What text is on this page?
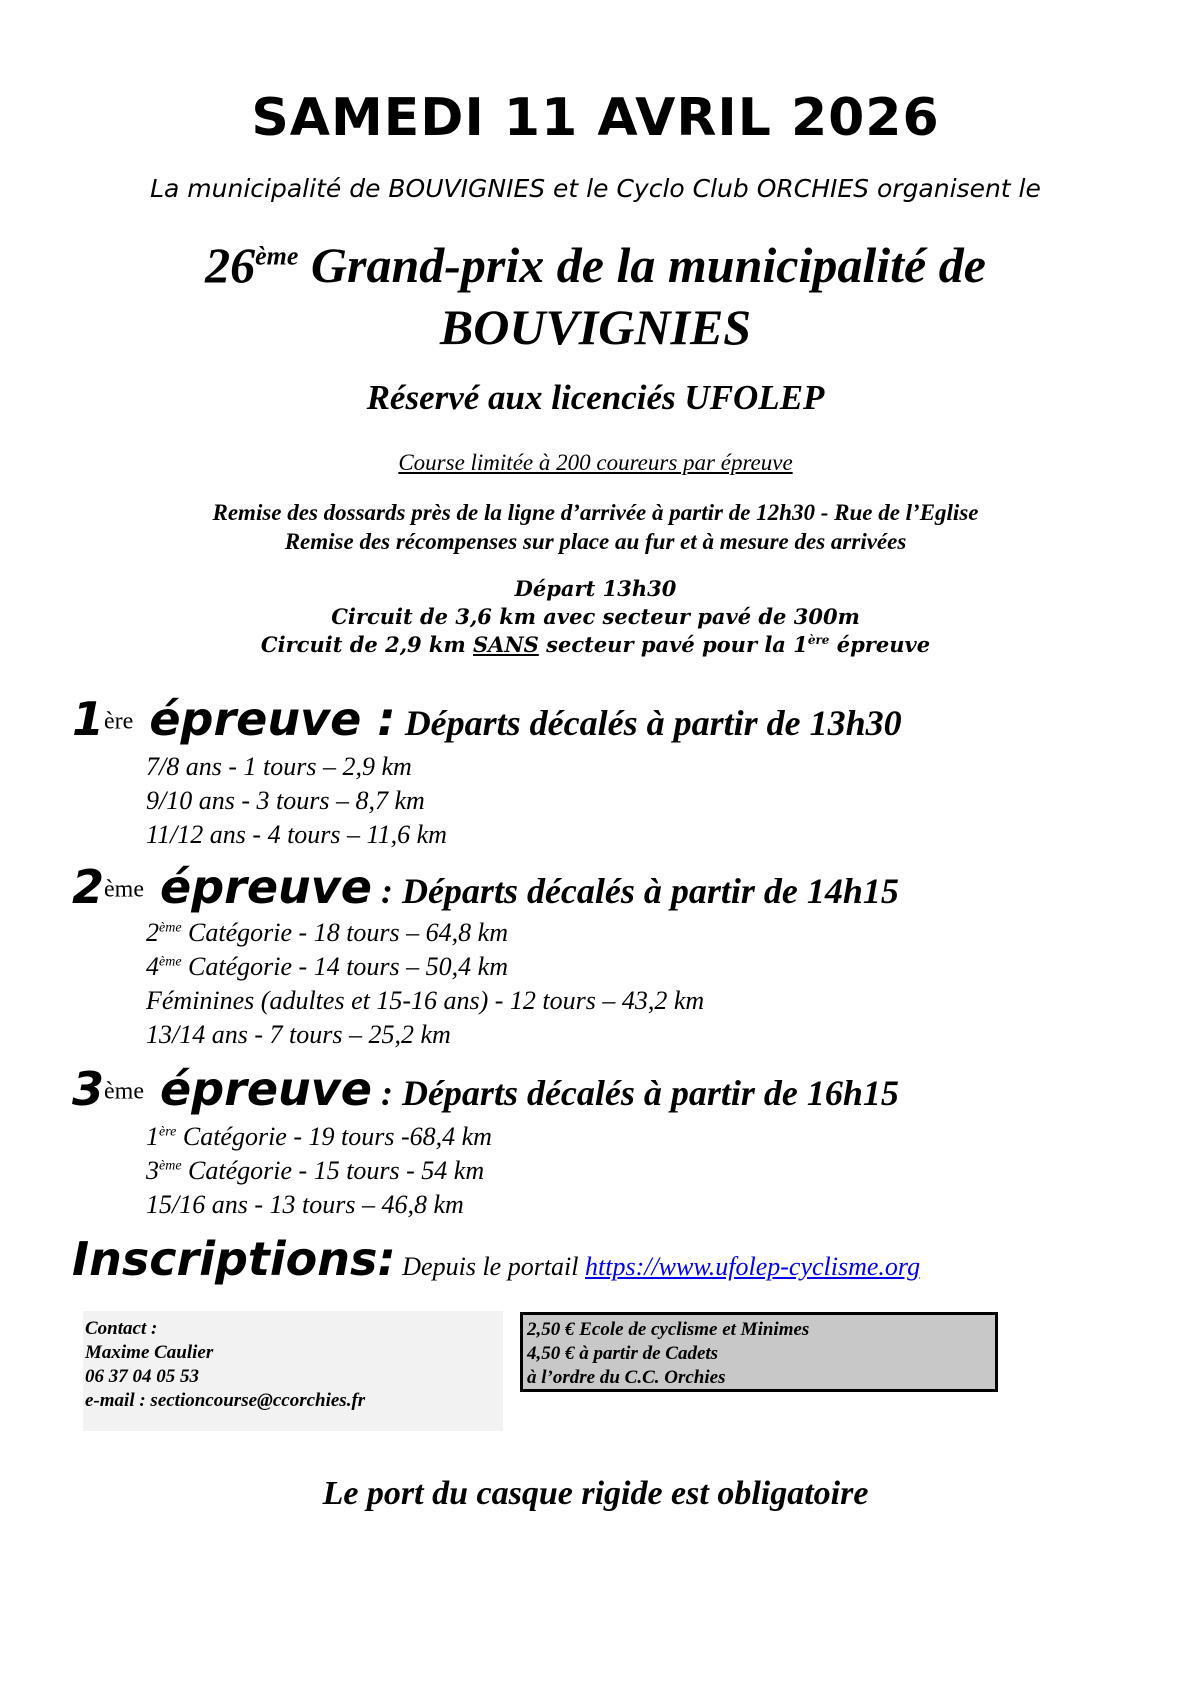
SAMEDI 11 AVRIL 2026
La municipalité de BOUVIGNIES et le Cyclo Club ORCHIES organisent le
26ème Grand-prix de la municipalité de
BOUVIGNIES
Réservé aux licenciés UFOLEP
Course limitée à 200 coureurs par épreuve
Remise des dossards près de la ligne d’arrivée à partir de 12h30 - Rue de l’Eglise
Remise des récompenses sur place au fur et à mesure des arrivées
Départ 13h30
Circuit de 3,6 km avec secteur pavé de 300m
Circuit de 2,9 km SANS secteur pavé pour la 1ère épreuve
1ère épreuve : Départs décalés à partir de 13h30
7/8 ans - 1 tours – 2,9 km
9/10 ans - 3 tours – 8,7 km
11/12 ans - 4 tours – 11,6 km
2ème épreuve : Départs décalés à partir de 14h15
2ème Catégorie - 18 tours – 64,8 km
4ème Catégorie - 14 tours – 50,4 km
Féminines (adultes et 15-16 ans) - 12 tours – 43,2 km
13/14 ans - 7 tours – 25,2 km
3ème épreuve : Départs décalés à partir de 16h15
1ère Catégorie - 19 tours -68,4 km
3ème Catégorie - 15 tours - 54 km
15/16 ans - 13 tours – 46,8 km
Inscriptions: Depuis le portail https://www.ufolep-cyclisme.org
Contact :
Maxime Caulier
06 37 04 05 53
e-mail : sectioncourse@ccorchies.fr
2,50 € Ecole de cyclisme et Minimes
4,50 € à partir de Cadets
à l’ordre du C.C. Orchies
Le port du casque rigide est obligatoire
